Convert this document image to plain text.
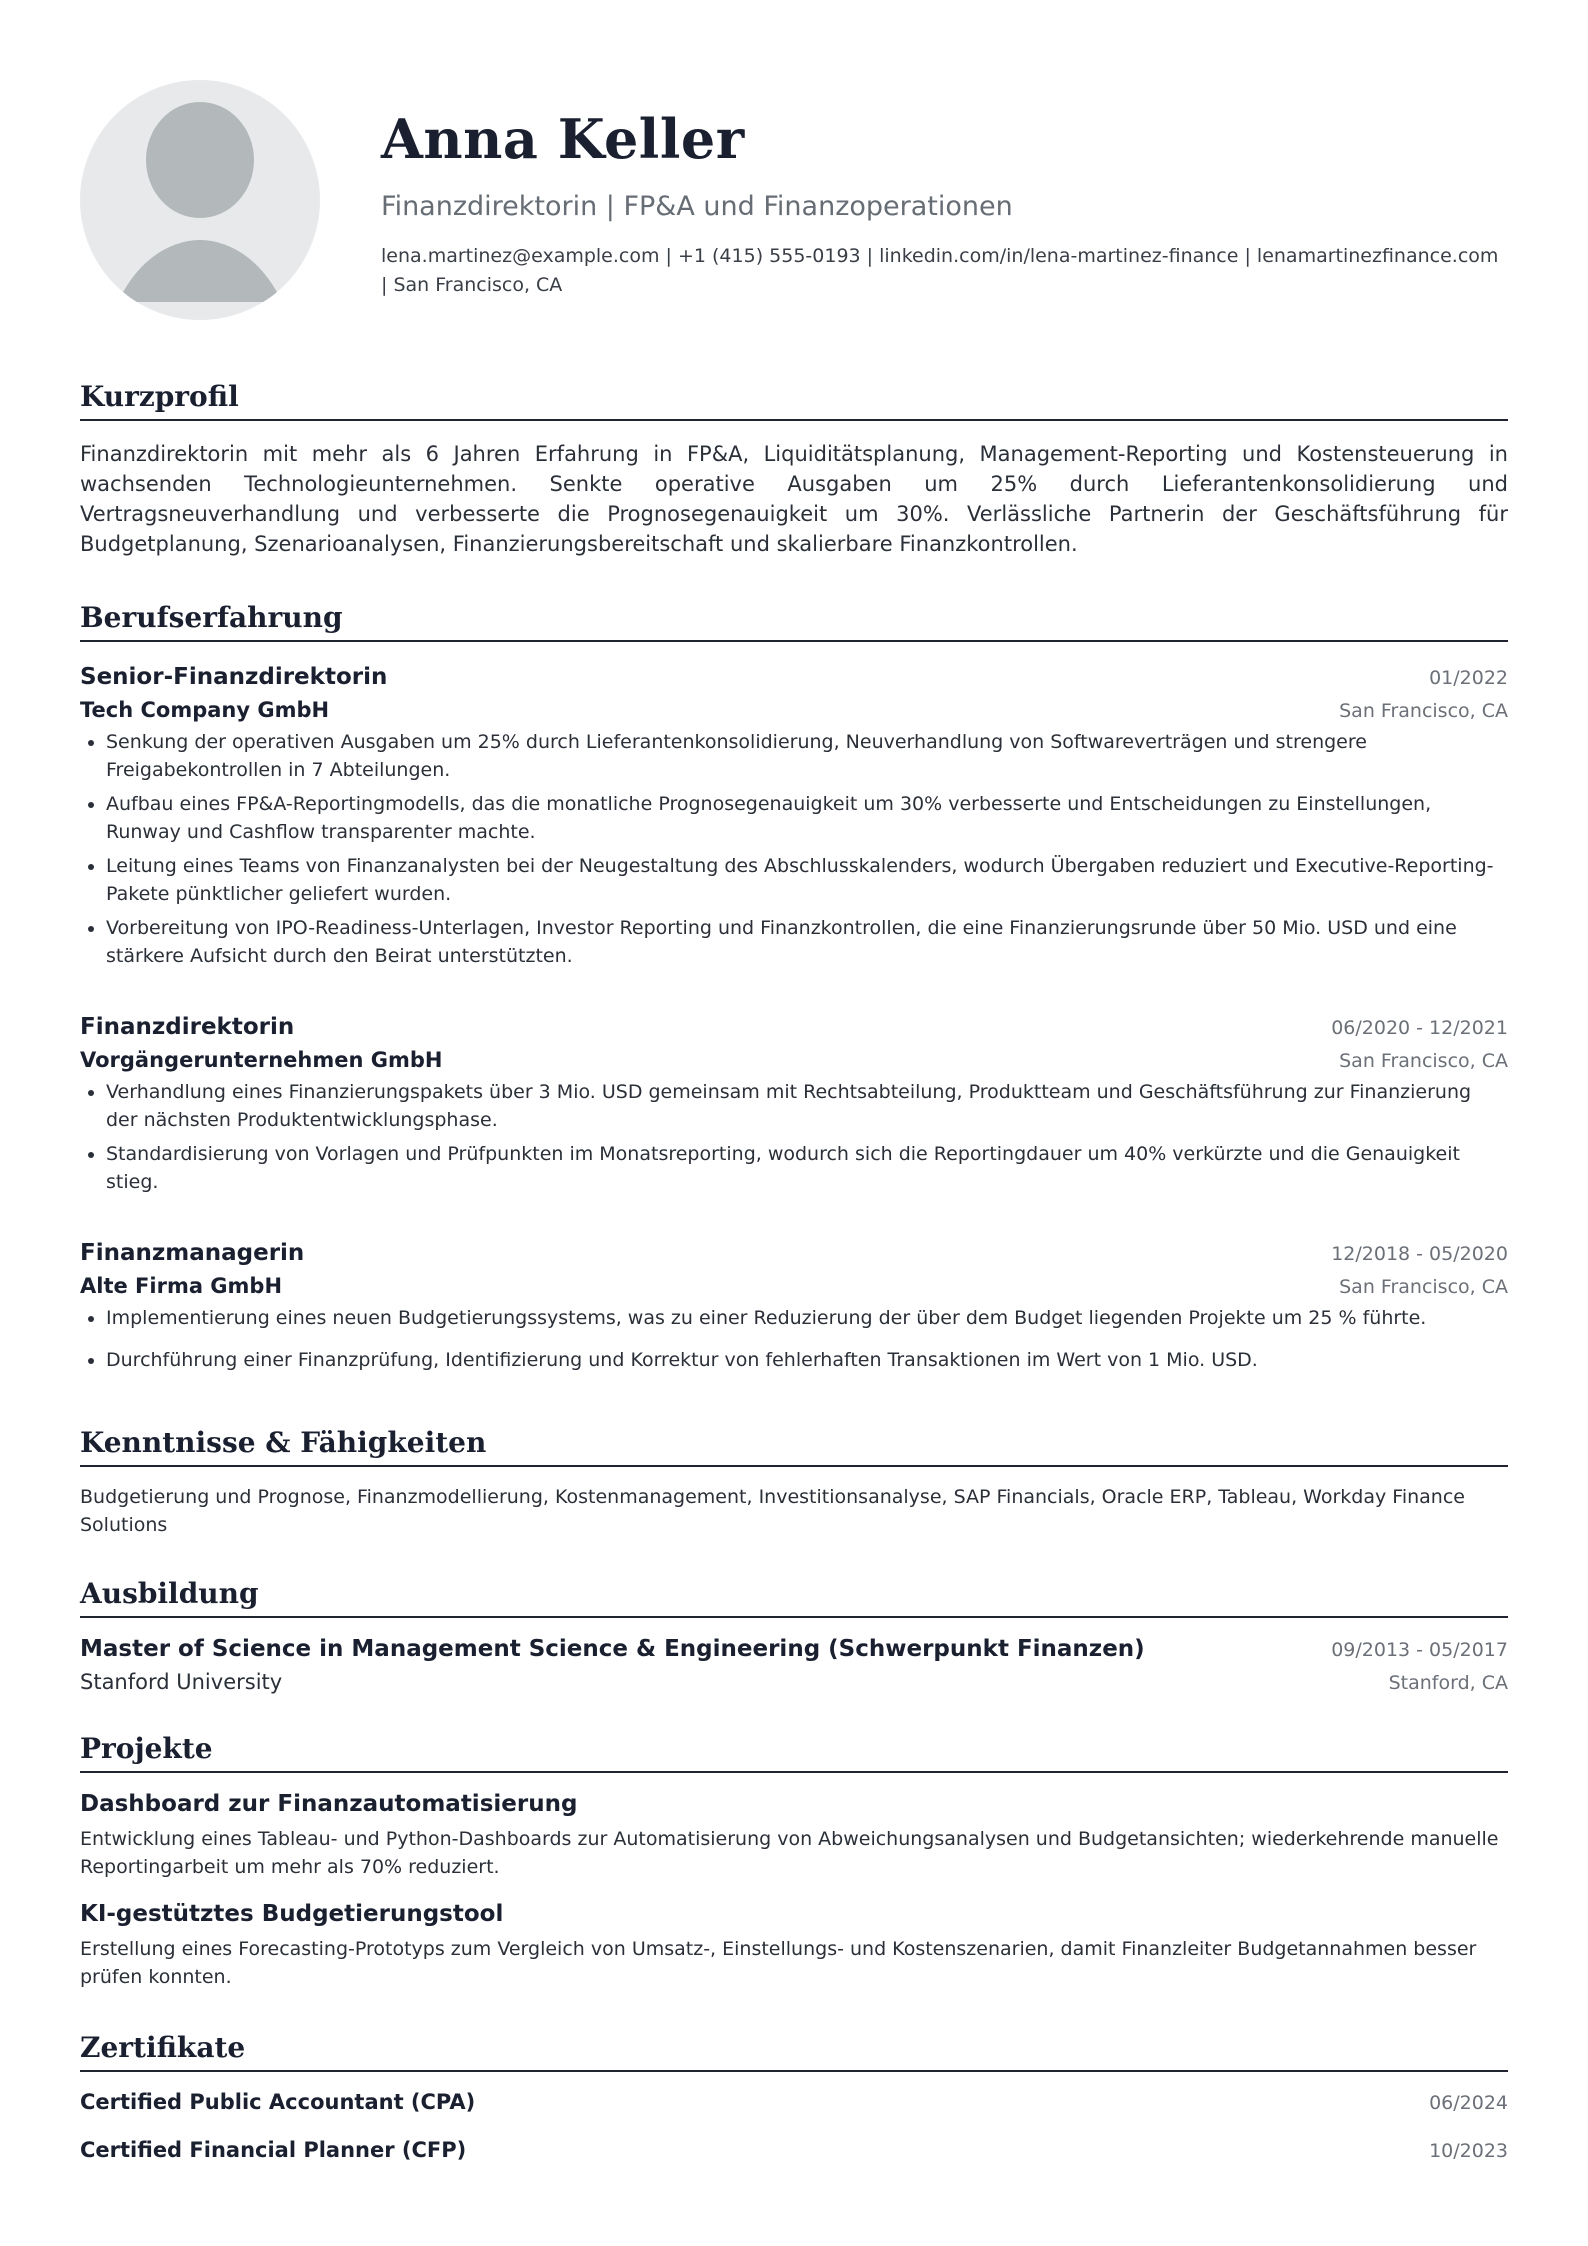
Anna Keller
Finanzdirektorin | FP&A und Finanzoperationen
lena.martinez@example.com | +1 (415) 555-0193 | linkedin.com/in/lena-martinez-finance | lenamartinezfinance.com | San Francisco, CA
Kurzprofil
Finanzdirektorin mit mehr als 6 Jahren Erfahrung in FP&A, Liquiditätsplanung, Management-Reporting und Kostensteuerung in wachsenden Technologieunternehmen. Senkte operative Ausgaben um 25% durch Lieferantenkonsolidierung und Vertragsneuverhandlung und verbesserte die Prognosegenauigkeit um 30%. Verlässliche Partnerin der Geschäftsführung für Budgetplanung, Szenarioanalysen, Finanzierungsbereitschaft und skalierbare Finanzkontrollen.
Berufserfahrung
Senior-Finanzdirektorin	01/2022
Tech Company GmbH	San Francisco, CA
• Senkung der operativen Ausgaben um 25% durch Lieferantenkonsolidierung, Neuverhandlung von Softwareverträgen und strengere Freigabekontrollen in 7 Abteilungen.
• Aufbau eines FP&A-Reportingmodells, das die monatliche Prognosegenauigkeit um 30% verbesserte und Entscheidungen zu Einstellungen, Runway und Cashflow transparenter machte.
• Leitung eines Teams von Finanzanalysten bei der Neugestaltung des Abschlusskalenders, wodurch Übergaben reduziert und Executive-Reporting-Pakete pünktlicher geliefert wurden.
• Vorbereitung von IPO-Readiness-Unterlagen, Investor Reporting und Finanzkontrollen, die eine Finanzierungsrunde über 50 Mio. USD und eine stärkere Aufsicht durch den Beirat unterstützten.
Finanzdirektorin	06/2020 - 12/2021
Vorgängerunternehmen GmbH	San Francisco, CA
• Verhandlung eines Finanzierungspakets über 3 Mio. USD gemeinsam mit Rechtsabteilung, Produktteam und Geschäftsführung zur Finanzierung der nächsten Produktentwicklungsphase.
• Standardisierung von Vorlagen und Prüfpunkten im Monatsreporting, wodurch sich die Reportingdauer um 40% verkürzte und die Genauigkeit stieg.
Finanzmanagerin	12/2018 - 05/2020
Alte Firma GmbH	San Francisco, CA
• Implementierung eines neuen Budgetierungssystems, was zu einer Reduzierung der über dem Budget liegenden Projekte um 25 % führte.
• Durchführung einer Finanzprüfung, Identifizierung und Korrektur von fehlerhaften Transaktionen im Wert von 1 Mio. USD.
Kenntnisse & Fähigkeiten
Budgetierung und Prognose, Finanzmodellierung, Kostenmanagement, Investitionsanalyse, SAP Financials, Oracle ERP, Tableau, Workday Finance Solutions
Ausbildung
Master of Science in Management Science & Engineering (Schwerpunkt Finanzen)	09/2013 - 05/2017
Stanford University	Stanford, CA
Projekte
Dashboard zur Finanzautomatisierung
Entwicklung eines Tableau- und Python-Dashboards zur Automatisierung von Abweichungsanalysen und Budgetansichten; wiederkehrende manuelle Reportingarbeit um mehr als 70% reduziert.
KI-gestütztes Budgetierungstool
Erstellung eines Forecasting-Prototyps zum Vergleich von Umsatz-, Einstellungs- und Kostenszenarien, damit Finanzleiter Budgetannahmen besser prüfen konnten.
Zertifikate
Certified Public Accountant (CPA)	06/2024
Certified Financial Planner (CFP)	10/2023
